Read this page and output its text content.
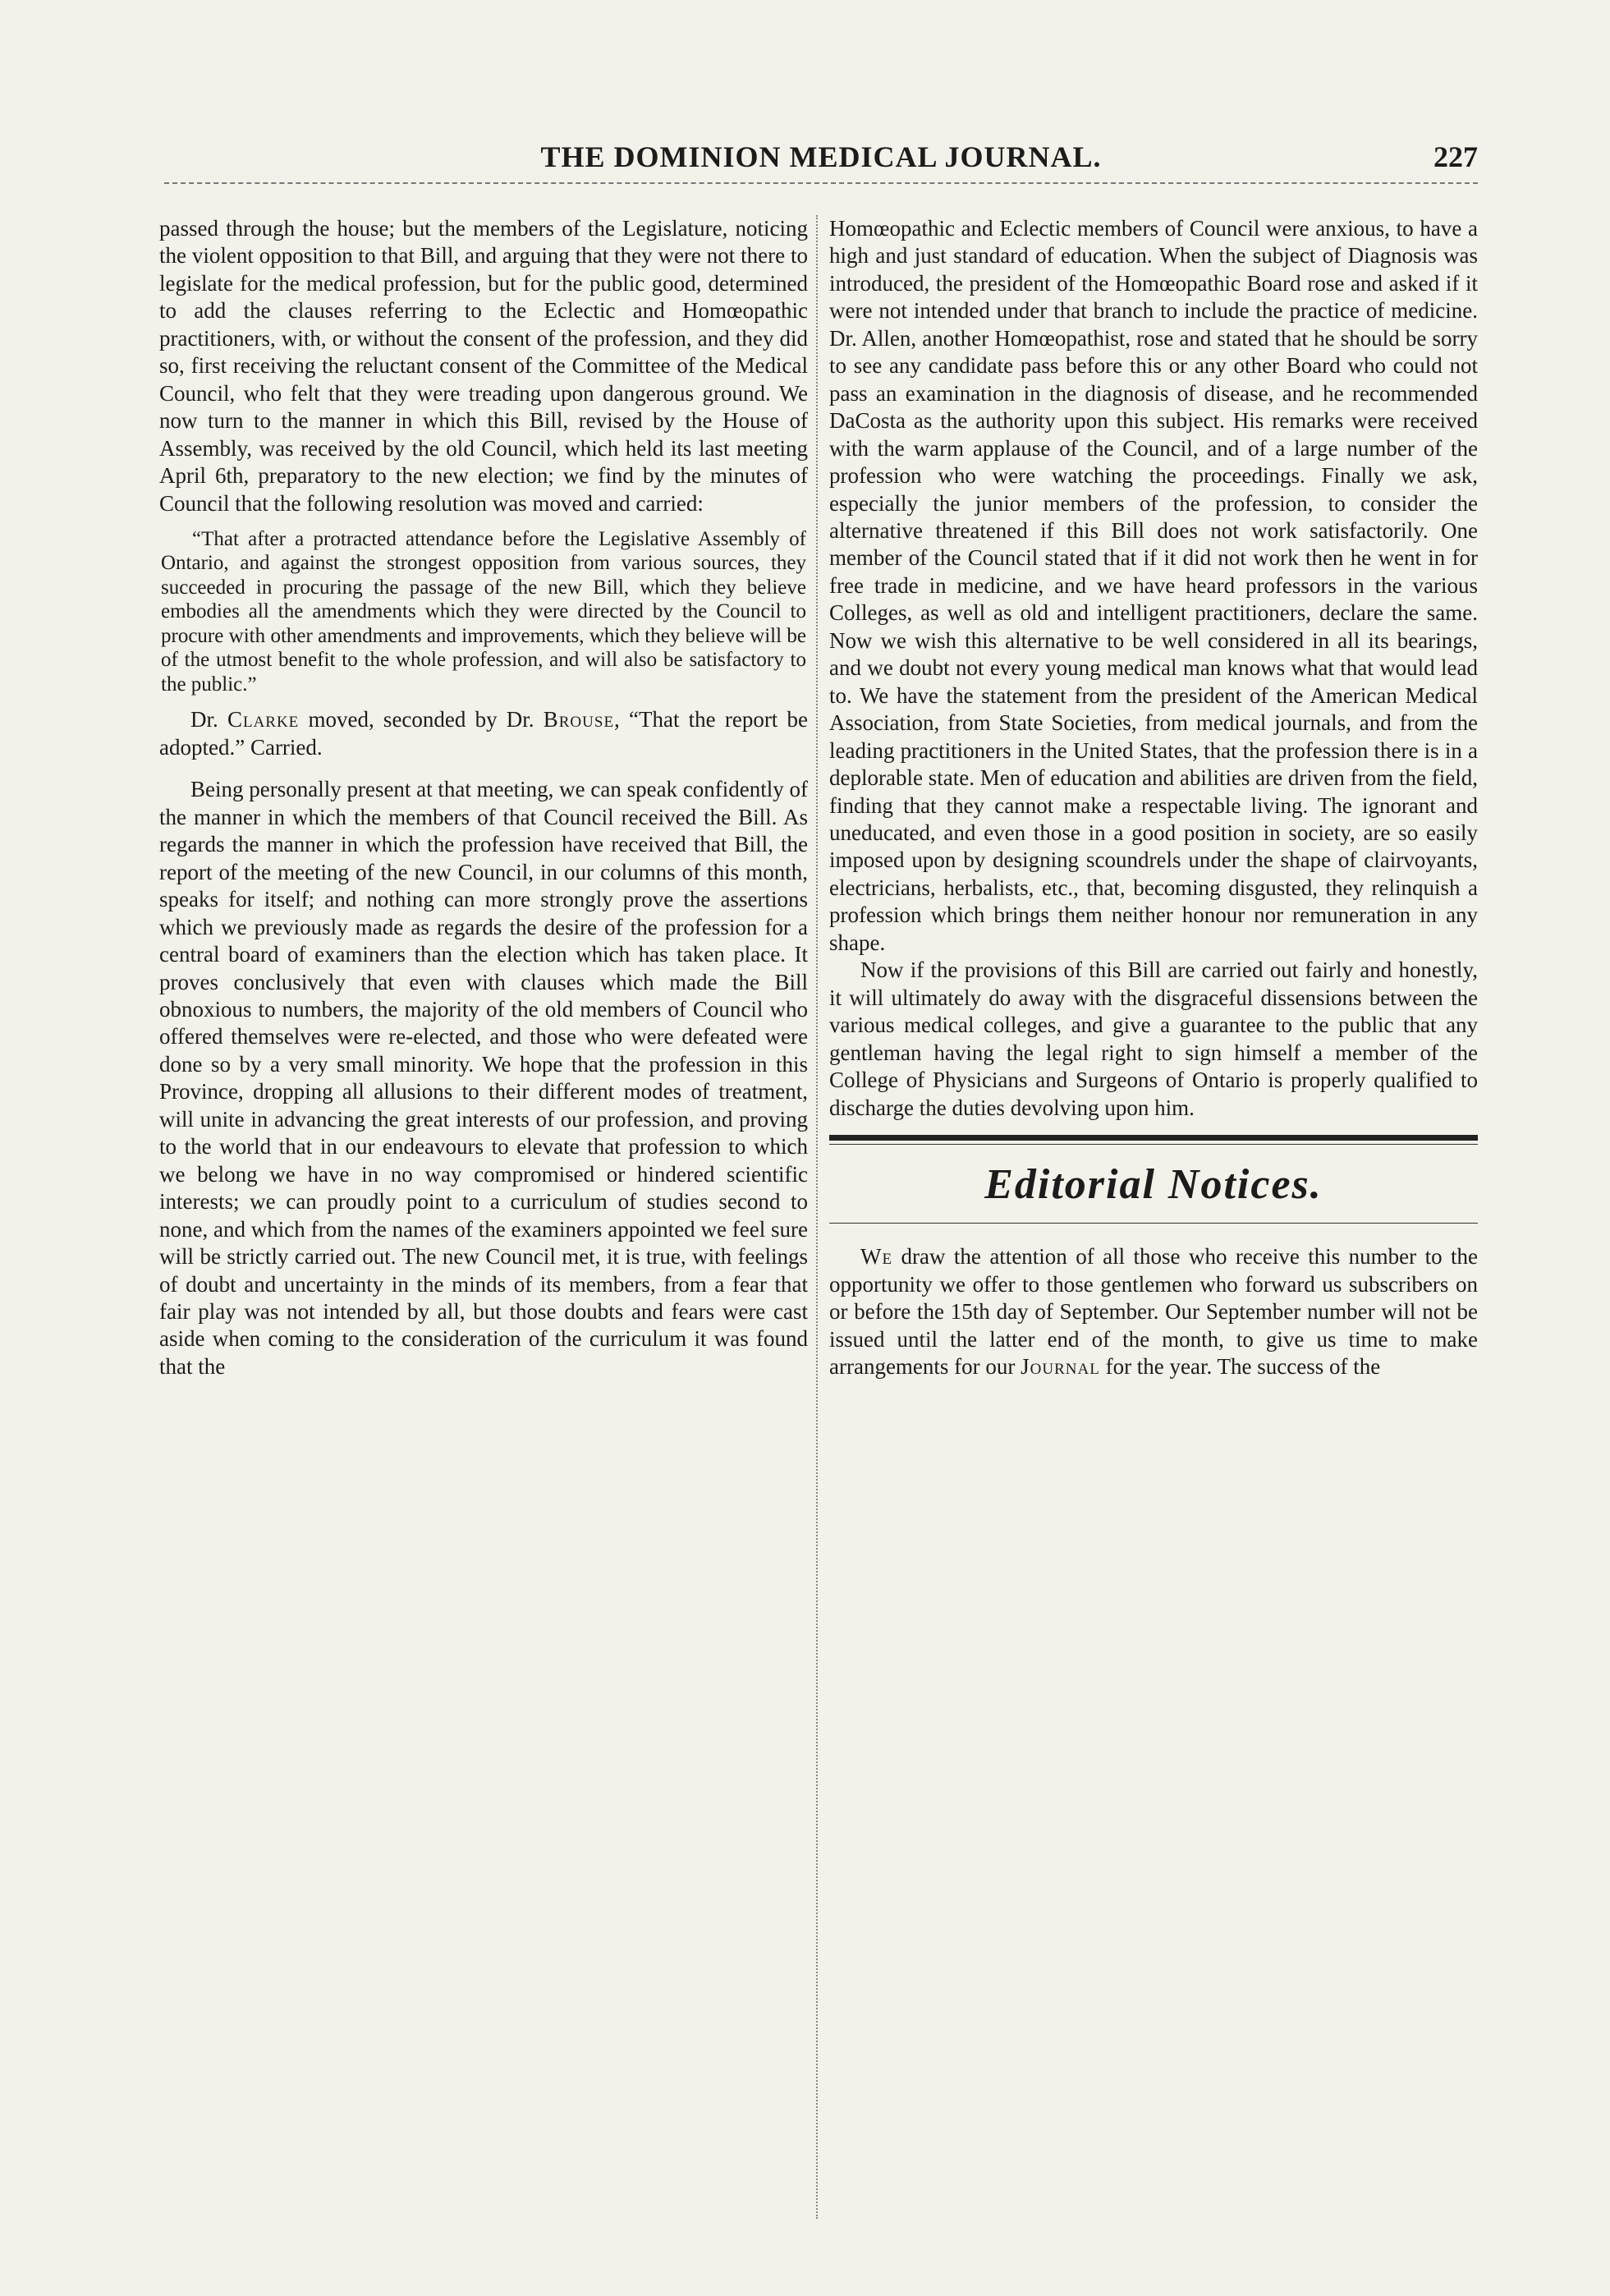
THE DOMINION MEDICAL JOURNAL.	227

passed through the house; but the members of the Legislature, noticing the violent opposition to that Bill, and arguing that they were not there to legislate for the medical profession, but for the public good, determined to add the clauses referring to the Eclectic and Homœopathic practitioners, with, or without the consent of the profession, and they did so, first receiving the reluctant consent of the Committee of the Medical Council, who felt that they were treading upon dangerous ground. We now turn to the manner in which this Bill, revised by the House of Assembly, was received by the old Council, which held its last meeting April 6th, preparatory to the new election; we find by the minutes of Council that the following resolution was moved and carried:

“That after a protracted attendance before the Legislative Assembly of Ontario, and against the strongest opposition from various sources, they succeeded in procuring the passage of the new Bill, which they believe embodies all the amendments which they were directed by the Council to procure with other amendments and improvements, which they believe will be of the utmost benefit to the whole profession, and will also be satisfactory to the public.”

Dr. Clarke moved, seconded by Dr. Brouse, “That the report be adopted.” Carried.

Being personally present at that meeting, we can speak confidently of the manner in which the members of that Council received the Bill. As regards the manner in which the profession have received that Bill, the report of the meeting of the new Council, in our columns of this month, speaks for itself; and nothing can more strongly prove the assertions which we previously made as regards the desire of the profession for a central board of examiners than the election which has taken place. It proves conclusively that even with clauses which made the Bill obnoxious to numbers, the majority of the old members of Council who offered themselves were re-elected, and those who were defeated were done so by a very small minority. We hope that the profession in this Province, dropping all allusions to their different modes of treatment, will unite in advancing the great interests of our profession, and proving to the world that in our endeavours to elevate that profession to which we belong we have in no way compromised or hindered scientific interests; we can proudly point to a curriculum of studies second to none, and which from the names of the examiners appointed we feel sure will be strictly carried out. The new Council met, it is true, with feelings of doubt and uncertainty in the minds of its members, from a fear that fair play was not intended by all, but those doubts and fears were cast aside when coming to the consideration of the curriculum it was found that the

Homœopathic and Eclectic members of Council were anxious, to have a high and just standard of education. When the subject of Diagnosis was introduced, the president of the Homœopathic Board rose and asked if it were not intended under that branch to include the practice of medicine. Dr. Allen, another Homœopathist, rose and stated that he should be sorry to see any candidate pass before this or any other Board who could not pass an examination in the diagnosis of disease, and he recommended DaCosta as the authority upon this subject. His remarks were received with the warm applause of the Council, and of a large number of the profession who were watching the proceedings. Finally we ask, especially the junior members of the profession, to consider the alternative threatened if this Bill does not work satisfactorily. One member of the Council stated that if it did not work then he went in for free trade in medicine, and we have heard professors in the various Colleges, as well as old and intelligent practitioners, declare the same. Now we wish this alternative to be well considered in all its bearings, and we doubt not every young medical man knows what that would lead to. We have the statement from the president of the American Medical Association, from State Societies, from medical journals, and from the leading practitioners in the United States, that the profession there is in a deplorable state. Men of education and abilities are driven from the field, finding that they cannot make a respectable living. The ignorant and uneducated, and even those in a good position in society, are so easily imposed upon by designing scoundrels under the shape of clairvoyants, electricians, herbalists, etc., that, becoming disgusted, they relinquish a profession which brings them neither honour nor remuneration in any shape.

Now if the provisions of this Bill are carried out fairly and honestly, it will ultimately do away with the disgraceful dissensions between the various medical colleges, and give a guarantee to the public that any gentleman having the legal right to sign himself a member of the College of Physicians and Surgeons of Ontario is properly qualified to discharge the duties devolving upon him.

Editorial Notices.

We draw the attention of all those who receive this number to the opportunity we offer to those gentlemen who forward us subscribers on or before the 15th day of September. Our September number will not be issued until the latter end of the month, to give us time to make arrangements for our Journal for the year. The success of the
